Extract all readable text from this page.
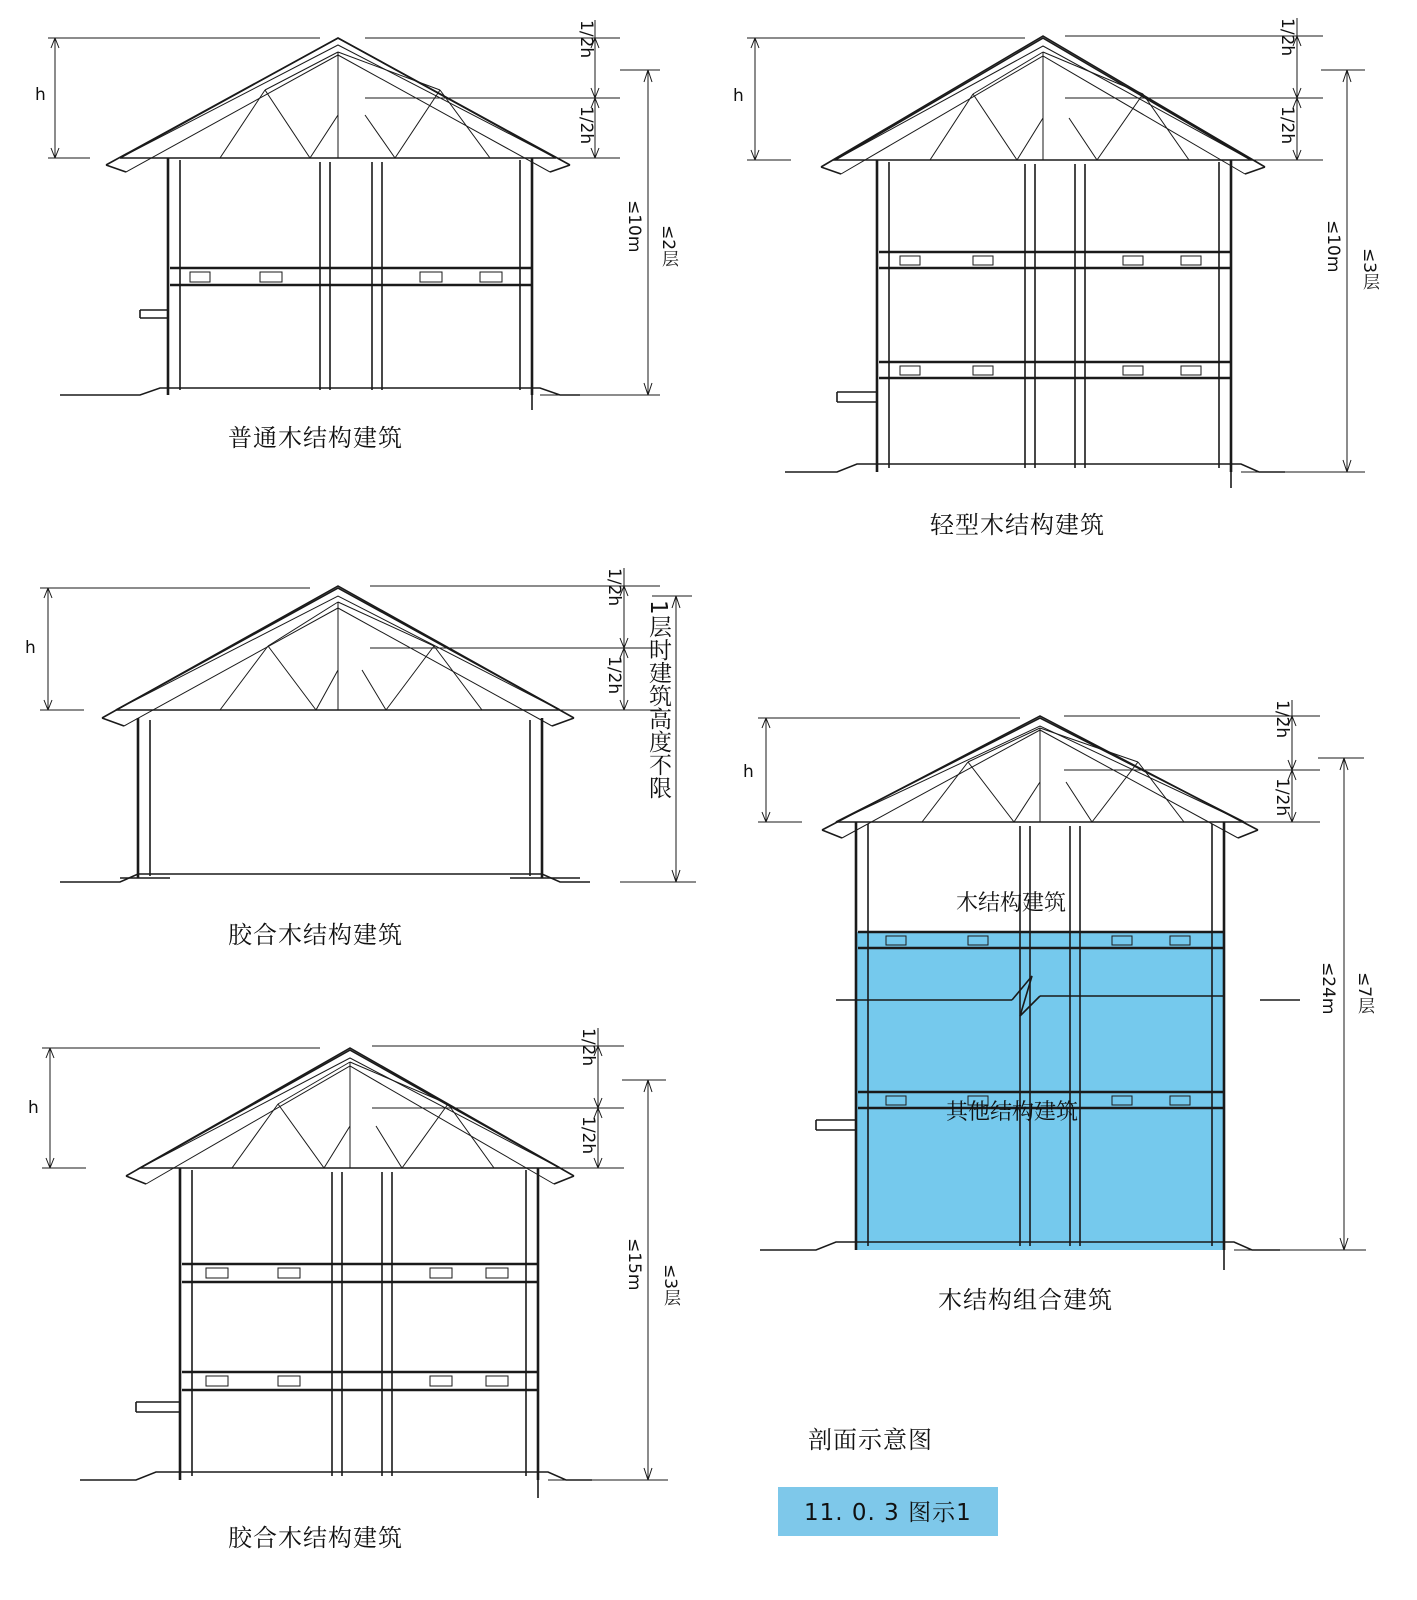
h
1/2h
1/2h
≤10m ≤2层
普通木结构建筑
h
1/2h
1/2h
≤10m ≤3层
轻型木结构建筑
h
1/2h
1/2h 1层时建筑高度不限
胶合木结构建筑
h
1/2h
1/2h
≤15m ≤3层
胶合木结构建筑
h
1/2h
1/2h
≤24m ≤7层
木结构建筑
其他结构建筑
木结构组合建筑
剖面示意图
11. 0. 3 图示1
